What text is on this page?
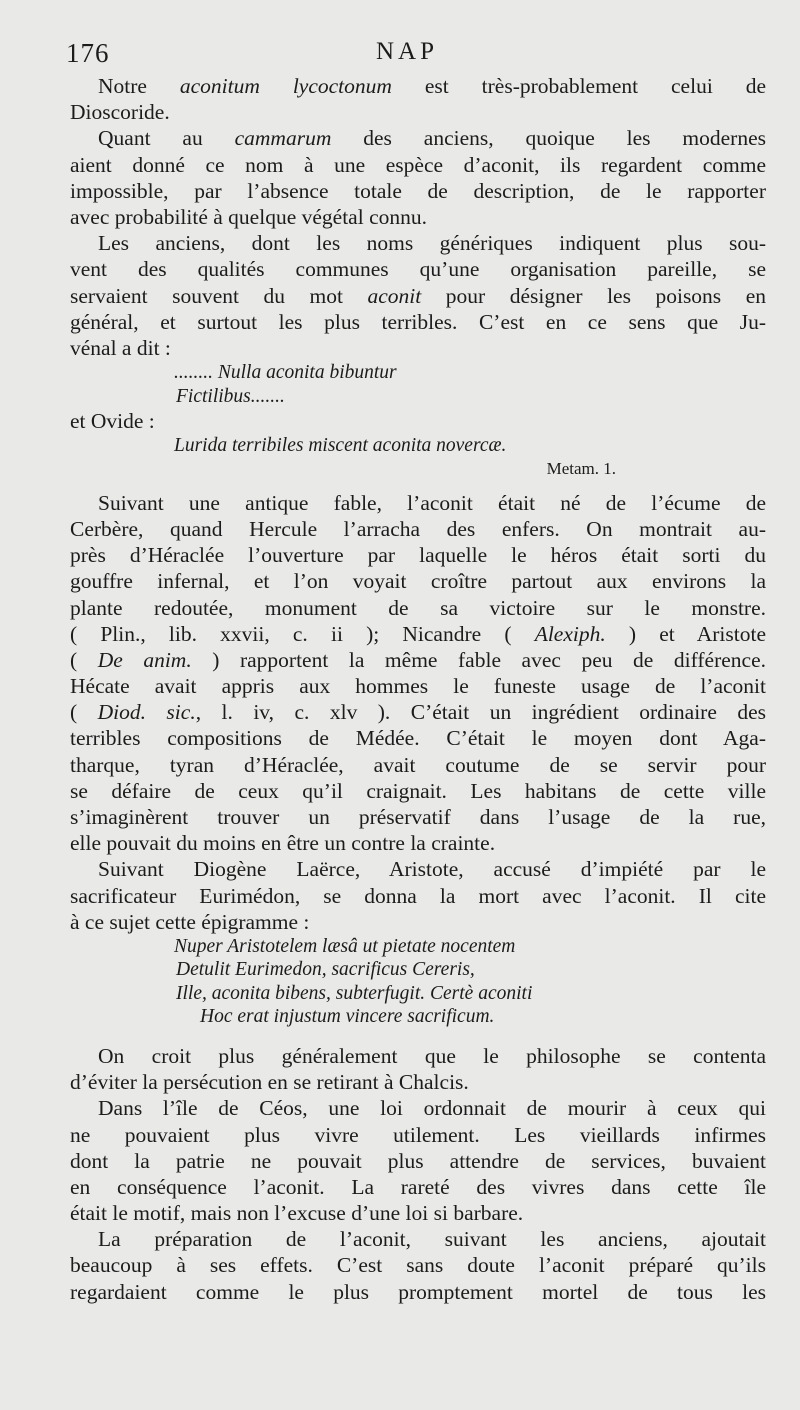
176	NAP
Notre aconitum lycoctonum est très-probablement celui de
Dioscoride.
Quant au cammarum des anciens, quoique les modernes
aient donné ce nom à une espèce d’aconit, ils regardent comme
impossible, par l’absence totale de description, de le rapporter
avec probabilité à quelque végétal connu.
Les anciens, dont les noms génériques indiquent plus sou-
vent des qualités communes qu’une organisation pareille, se
servaient souvent du mot aconit pour désigner les poisons en
général, et surtout les plus terribles. C’est en ce sens que Ju-
vénal a dit :
........ Nulla aconita bibuntur
Fictilibus.......
et Ovide :
Lurida terribiles miscent aconita novercæ.
Metam. 1.
Suivant une antique fable, l’aconit était né de l’écume de
Cerbère, quand Hercule l’arracha des enfers. On montrait au-
près d’Héraclée l’ouverture par laquelle le héros était sorti du
gouffre infernal, et l’on voyait croître partout aux environs la
plante redoutée, monument de sa victoire sur le monstre.
( Plin., lib. xxvii, c. ii ); Nicandre ( Alexiph. ) et Aristote
( De anim. ) rapportent la même fable avec peu de différence.
Hécate avait appris aux hommes le funeste usage de l’aconit
( Diod. sic., l. iv, c. xlv ). C’était un ingrédient ordinaire des
terribles compositions de Médée. C’était le moyen dont Aga-
tharque, tyran d’Héraclée, avait coutume de se servir pour
se défaire de ceux qu’il craignait. Les habitans de cette ville
s’imaginèrent trouver un préservatif dans l’usage de la rue,
elle pouvait du moins en être un contre la crainte.
Suivant Diogène Laërce, Aristote, accusé d’impiété par le
sacrificateur Eurimédon, se donna la mort avec l’aconit. Il cite
à ce sujet cette épigramme :
Nuper Aristotelem læsâ ut pietate nocentem
Detulit Eurimedon, sacrificus Cereris,
Ille, aconita bibens, subterfugit. Certè aconiti
Hoc erat injustum vincere sacrificum.
On croit plus généralement que le philosophe se contenta
d’éviter la persécution en se retirant à Chalcis.
Dans l’île de Céos, une loi ordonnait de mourir à ceux qui
ne pouvaient plus vivre utilement. Les vieillards infirmes
dont la patrie ne pouvait plus attendre de services, buvaient
en conséquence l’aconit. La rareté des vivres dans cette île
était le motif, mais non l’excuse d’une loi si barbare.
La préparation de l’aconit, suivant les anciens, ajoutait
beaucoup à ses effets. C’est sans doute l’aconit préparé qu’ils
regardaient comme le plus promptement mortel de tous les
